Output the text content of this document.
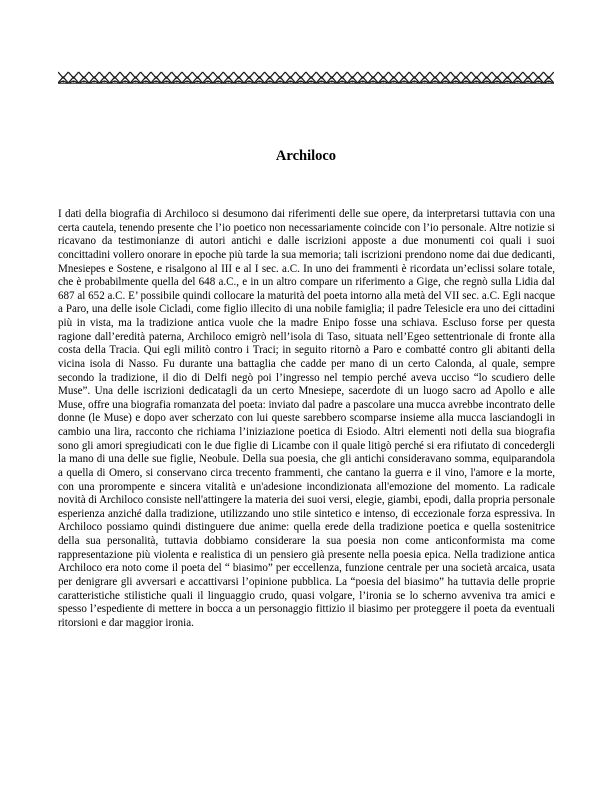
Archiloco

I dati della biografia di Archiloco si desumono dai riferimenti delle sue opere, da interpretarsi tuttavia con una certa cautela, tenendo presente che l’io poetico non necessariamente coincide con l’io personale. Altre notizie si ricavano da testimonianze di autori antichi e dalle iscrizioni apposte a due monumenti coi quali i suoi concittadini vollero onorare in epoche più tarde la sua memoria; tali iscrizioni prendono nome dai due dedicanti, Mnesiepes e Sostene, e risalgono al III e al I sec. a.C. In uno dei frammenti è ricordata un’eclissi solare totale, che è probabilmente quella del 648 a.C., e in un altro compare un riferimento a Gige, che regnò sulla Lidia dal 687 al 652 a.C. E’ possibile quindi collocare la maturità del poeta intorno alla metà del VII sec. a.C. Egli nacque a Paro, una delle isole Cicladi, come figlio illecito di una nobile famiglia; il padre Telesicle era uno dei cittadini più in vista, ma la tradizione antica vuole che la madre Enipo fosse una schiava. Escluso forse per questa ragione dall’eredità paterna, Archiloco emigrò nell’isola di Taso, situata nell’Egeo settentrionale di fronte alla costa della Tracia. Qui egli militò contro i Traci; in seguito ritornò a Paro e combatté contro gli abitanti della vicina isola di Nasso. Fu durante una battaglia che cadde per mano di un certo Calonda, al quale, sempre secondo la tradizione, il dio di Delfi negò poi l’ingresso nel tempio perché aveva ucciso “lo scudiero delle Muse”. Una delle iscrizioni dedicatagli da un certo Mnesiepe, sacerdote di un luogo sacro ad Apollo e alle Muse, offre una biografia romanzata del poeta: inviato dal padre a pascolare una mucca avrebbe incontrato delle donne (le Muse) e dopo aver scherzato con lui queste sarebbero scomparse insieme alla mucca lasciandogli in cambio una lira, racconto che richiama l’iniziazione poetica di Esiodo. Altri elementi noti della sua biografia sono gli amori spregiudicati con le due figlie di Licambe con il quale litigò perché si era rifiutato di concedergli la mano di una delle sue figlie, Neobule. Della sua poesia, che gli antichi consideravano somma, equiparandola a quella di Omero, si conservano circa trecento frammenti, che cantano la guerra e il vino, l'amore e la morte, con una prorompente e sincera vitalità e un'adesione incondizionata all'emozione del momento. La radicale novità di Archiloco consiste nell'attingere la materia dei suoi versi, elegie, giambi, epodi, dalla propria personale esperienza anziché dalla tradizione, utilizzando uno stile sintetico e intenso, di eccezionale forza espressiva. In Archiloco possiamo quindi distinguere due anime: quella erede della tradizione poetica e quella sostenitrice della sua personalità, tuttavia dobbiamo considerare la sua poesia non come anticonformista ma come rappresentazione più violenta e realistica di un pensiero già presente nella poesia epica. Nella tradizione antica Archiloco era noto come il poeta del “ biasimo” per eccellenza, funzione centrale per una società arcaica, usata per denigrare gli avversari e accattivarsi l’opinione pubblica. La “poesia del biasimo” ha tuttavia delle proprie caratteristiche stilistiche quali il linguaggio crudo, quasi volgare, l’ironia se lo scherno avveniva tra amici e spesso l’espediente di mettere in bocca a un personaggio fittizio il biasimo per proteggere il poeta da eventuali ritorsioni e dar maggior ironia.
